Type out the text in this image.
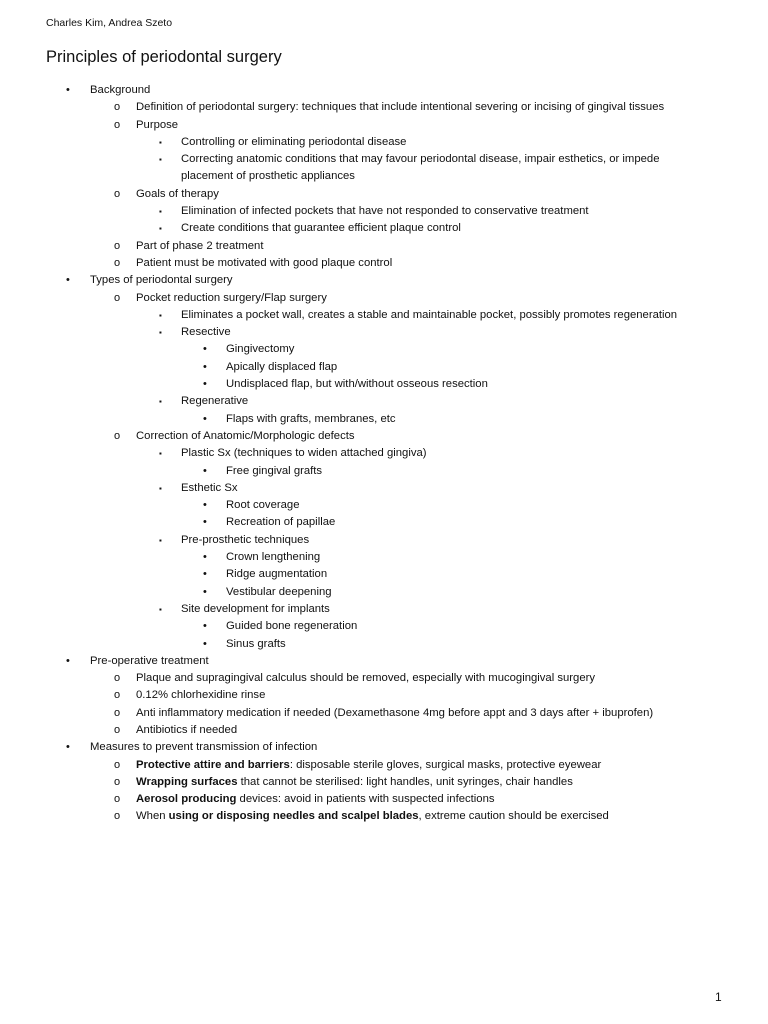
Charles Kim, Andrea Szeto
Principles of periodontal surgery
• Background
o Definition of periodontal surgery: techniques that include intentional severing or incising of gingival tissues
o Purpose
▪ Controlling or eliminating periodontal disease
▪ Correcting anatomic conditions that may favour periodontal disease, impair esthetics, or impede
placement of prosthetic appliances
o Goals of therapy
▪ Elimination of infected pockets that have not responded to conservative treatment
▪ Create conditions that guarantee efficient plaque control
o Part of phase 2 treatment
o Patient must be motivated with good plaque control
• Types of periodontal surgery
o Pocket reduction surgery/Flap surgery
▪ Eliminates a pocket wall, creates a stable and maintainable pocket, possibly promotes regeneration
▪ Resective
• Gingivectomy
• Apically displaced flap
• Undisplaced flap, but with/without osseous resection
▪ Regenerative
• Flaps with grafts, membranes, etc
o Correction of Anatomic/Morphologic defects
▪ Plastic Sx (techniques to widen attached gingiva)
• Free gingival grafts
▪ Esthetic Sx
• Root coverage
• Recreation of papillae
▪ Pre-prosthetic techniques
• Crown lengthening
• Ridge augmentation
• Vestibular deepening
▪ Site development for implants
• Guided bone regeneration
• Sinus grafts
• Pre-operative treatment
o Plaque and supragingival calculus should be removed, especially with mucogingival surgery
o 0.12% chlorhexidine rinse
o Anti inflammatory medication if needed (Dexamethasone 4mg before appt and 3 days after + ibuprofen)
o Antibiotics if needed
• Measures to prevent transmission of infection
o Protective attire and barriers: disposable sterile gloves, surgical masks, protective eyewear
o Wrapping surfaces that cannot be sterilised: light handles, unit syringes, chair handles
o Aerosol producing devices: avoid in patients with suspected infections
o When using or disposing needles and scalpel blades, extreme caution should be exercised
1
